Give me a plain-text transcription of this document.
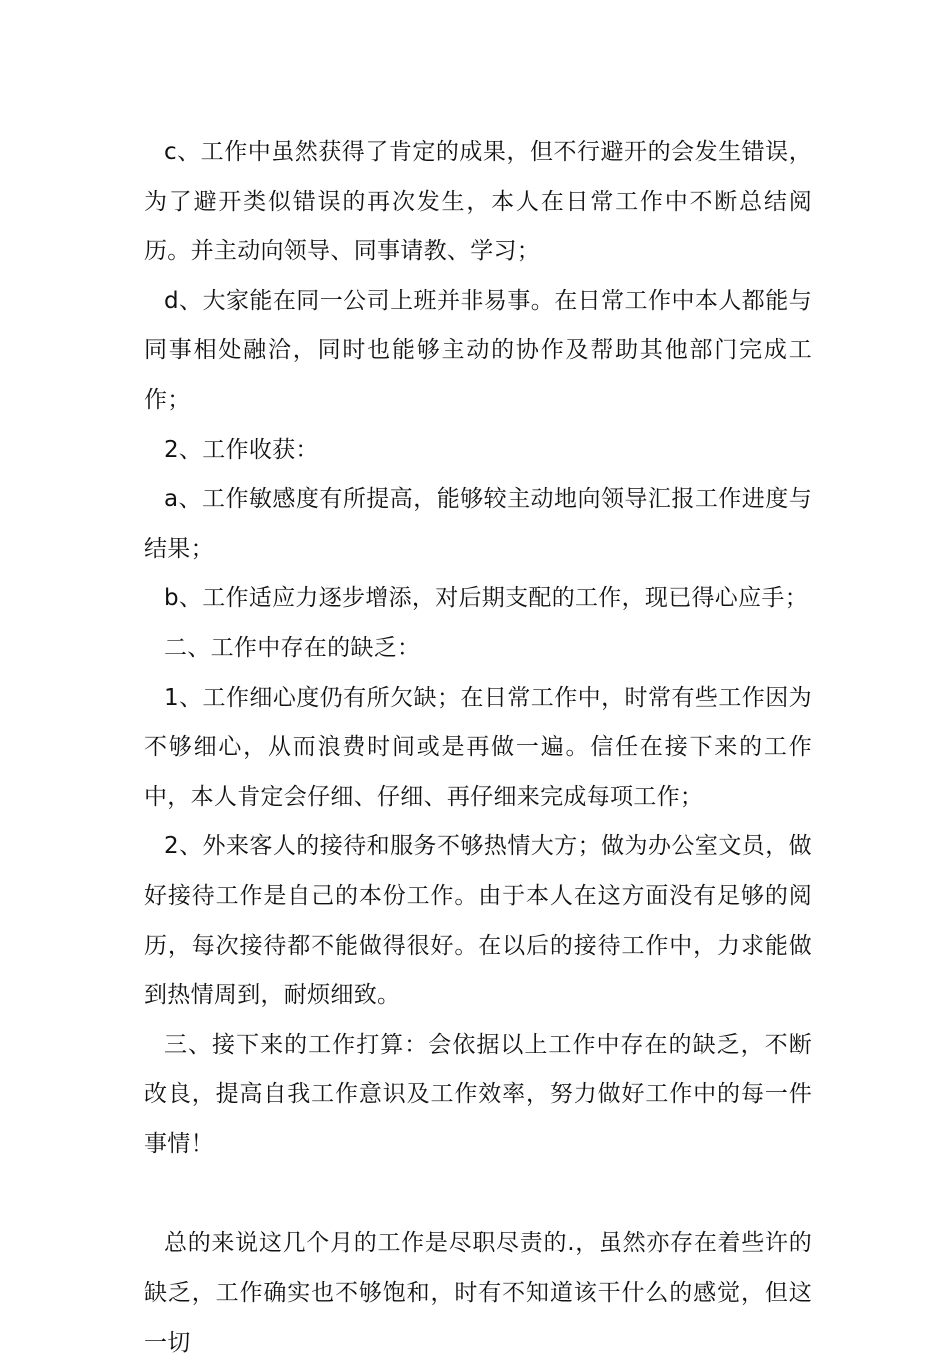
c、工作中虽然获得了肯定的成果，但不行避开的会发生错误，为了避开类似错误的再次发生，本人在日常工作中不断总结阅历。并主动向领导、同事请教、学习；

d、大家能在同一公司上班并非易事。在日常工作中本人都能与同事相处融洽，同时也能够主动的协作及帮助其他部门完成工作；

2、工作收获：

a、工作敏感度有所提高，能够较主动地向领导汇报工作进度与结果；

b、工作适应力逐步增添，对后期支配的工作，现已得心应手；

二、工作中存在的缺乏：

1、工作细心度仍有所欠缺；在日常工作中，时常有些工作因为不够细心，从而浪费时间或是再做一遍。信任在接下来的工作中，本人肯定会仔细、仔细、再仔细来完成每项工作；

2、外来客人的接待和服务不够热情大方；做为办公室文员，做好接待工作是自己的本份工作。由于本人在这方面没有足够的阅历，每次接待都不能做得很好。在以后的接待工作中，力求能做到热情周到，耐烦细致。

三、接下来的工作打算：会依据以上工作中存在的缺乏，不断改良，提高自我工作意识及工作效率，努力做好工作中的每一件事情！

总的来说这几个月的工作是尽职尽责的.，虽然亦存在着些许的缺乏，工作确实也不够饱和，时有不知道该干什么的感觉，但这一切
